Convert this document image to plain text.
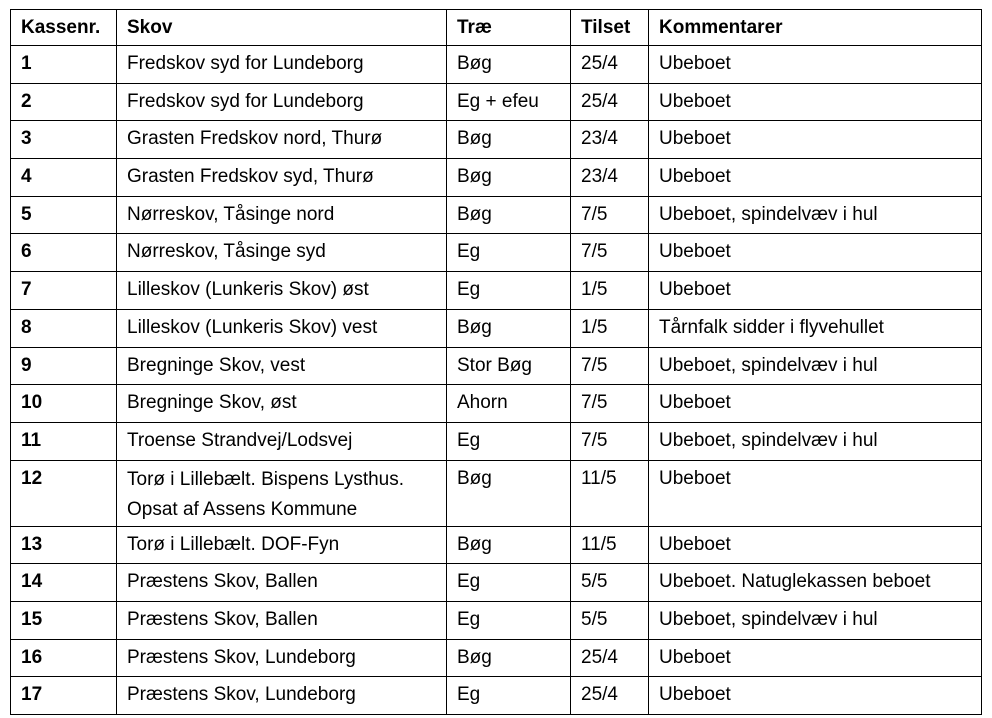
Kassenr.	Skov	Træ	Tilset	Kommentarer
1	Fredskov syd for Lundeborg	Bøg	25/4	Ubeboet
2	Fredskov syd for Lundeborg	Eg + efeu	25/4	Ubeboet
3	Grasten Fredskov nord, Thurø	Bøg	23/4	Ubeboet
4	Grasten Fredskov syd, Thurø	Bøg	23/4	Ubeboet
5	Nørreskov, Tåsinge nord	Bøg	7/5	Ubeboet, spindelvæv i hul
6	Nørreskov, Tåsinge syd	Eg	7/5	Ubeboet
7	Lilleskov (Lunkeris Skov) øst	Eg	1/5	Ubeboet
8	Lilleskov (Lunkeris Skov) vest	Bøg	1/5	Tårnfalk sidder i flyvehullet
9	Bregninge Skov, vest	Stor Bøg	7/5	Ubeboet, spindelvæv i hul
10	Bregninge Skov, øst	Ahorn	7/5	Ubeboet
11	Troense Strandvej/Lodsvej	Eg	7/5	Ubeboet, spindelvæv i hul
12	Torø i Lillebælt. Bispens Lysthus. Opsat af Assens Kommune	Bøg	11/5	Ubeboet
13	Torø i Lillebælt. DOF-Fyn	Bøg	11/5	Ubeboet
14	Præstens Skov, Ballen	Eg	5/5	Ubeboet. Natuglekassen beboet
15	Præstens Skov, Ballen	Eg	5/5	Ubeboet, spindelvæv i hul
16	Præstens Skov, Lundeborg	Bøg	25/4	Ubeboet
17	Præstens Skov, Lundeborg	Eg	25/4	Ubeboet
